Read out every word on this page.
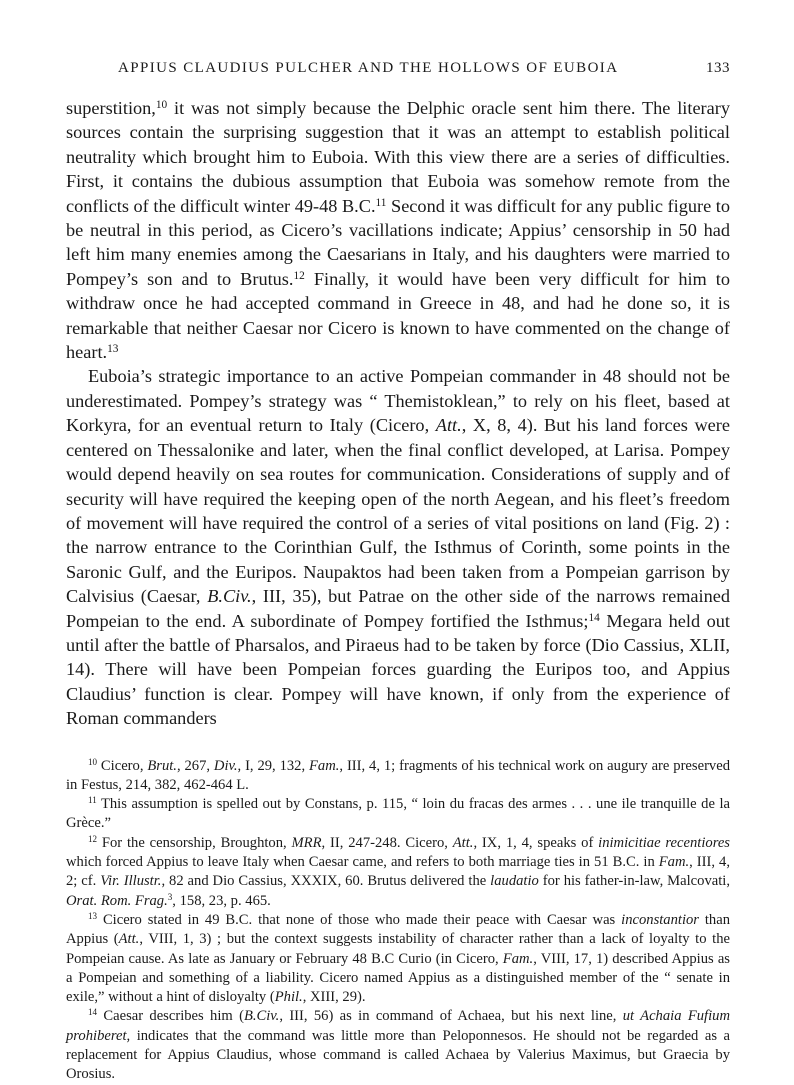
APPIUS CLAUDIUS PULCHER AND THE HOLLOWS OF EUBOIA	133

superstition,$^{10}$ it was not simply because the Delphic oracle sent him there. The literary sources contain the surprising suggestion that it was an attempt to establish political neutrality which brought him to Euboia. With this view there are a series of difficulties. First, it contains the dubious assumption that Euboia was somehow remote from the conflicts of the difficult winter 49-48 B.C.$^{11}$ Second it was difficult for any public figure to be neutral in this period, as Cicero’s vacillations indicate; Appius’ censorship in 50 had left him many enemies among the Caesarians in Italy, and his daughters were married to Pompey’s son and to Brutus.$^{12}$ Finally, it would have been very difficult for him to withdraw once he had accepted command in Greece in 48, and had he done so, it is remarkable that neither Caesar nor Cicero is known to have commented on the change of heart.$^{13}$

Euboia’s strategic importance to an active Pompeian commander in 48 should not be underestimated. Pompey’s strategy was “ Themistoklean,” to rely on his fleet, based at Korkyra, for an eventual return to Italy (Cicero, Att., X, 8, 4). But his land forces were centered on Thessalonike and later, when the final conflict developed, at Larisa. Pompey would depend heavily on sea routes for communication. Considerations of supply and of security will have required the keeping open of the north Aegean, and his fleet’s freedom of movement will have required the control of a series of vital positions on land (Fig. 2) : the narrow entrance to the Corinthian Gulf, the Isthmus of Corinth, some points in the Saronic Gulf, and the Euripos. Naupaktos had been taken from a Pompeian garrison by Calvisius (Caesar, B.Civ., III, 35), but Patrae on the other side of the narrows remained Pompeian to the end. A subordinate of Pompey fortified the Isthmus;$^{14}$ Megara held out until after the battle of Pharsalos, and Piraeus had to be taken by force (Dio Cassius, XLII, 14). There will have been Pompeian forces guarding the Euripos too, and Appius Claudius’ function is clear. Pompey will have known, if only from the experience of Roman commanders

$^{10}$ Cicero, Brut., 267, Div., I, 29, 132, Fam., III, 4, 1; fragments of his technical work on augury are preserved in Festus, 214, 382, 462-464 L.

$^{11}$ This assumption is spelled out by Constans, p. 115, “ loin du fracas des armes . . . une ile tranquille de la Grèce.”

$^{12}$ For the censorship, Broughton, MRR, II, 247-248. Cicero, Att., IX, 1, 4, speaks of inimicitiae recentiores which forced Appius to leave Italy when Caesar came, and refers to both marriage ties in 51 B.C. in Fam., III, 4, 2; cf. Vir. Illustr., 82 and Dio Cassius, XXXIX, 60. Brutus delivered the laudatio for his father-in-law, Malcovati, Orat. Rom. Frag.$^3$, 158, 23, p. 465.

$^{13}$ Cicero stated in 49 B.C. that none of those who made their peace with Caesar was inconstantior than Appius (Att., VIII, 1, 3) ; but the context suggests instability of character rather than a lack of loyalty to the Pompeian cause. As late as January or February 48 B.C Curio (in Cicero, Fam., VIII, 17, 1) described Appius as a Pompeian and something of a liability. Cicero named Appius as a distinguished member of the “ senate in exile,” without a hint of disloyalty (Phil., XIII, 29).

$^{14}$ Caesar describes him (B.Civ., III, 56) as in command of Achaea, but his next line, ut Achaia Fufium prohiberet, indicates that the command was little more than Peloponnesos. He should not be regarded as a replacement for Appius Claudius, whose command is called Achaea by Valerius Maximus, but Graecia by Orosius.
